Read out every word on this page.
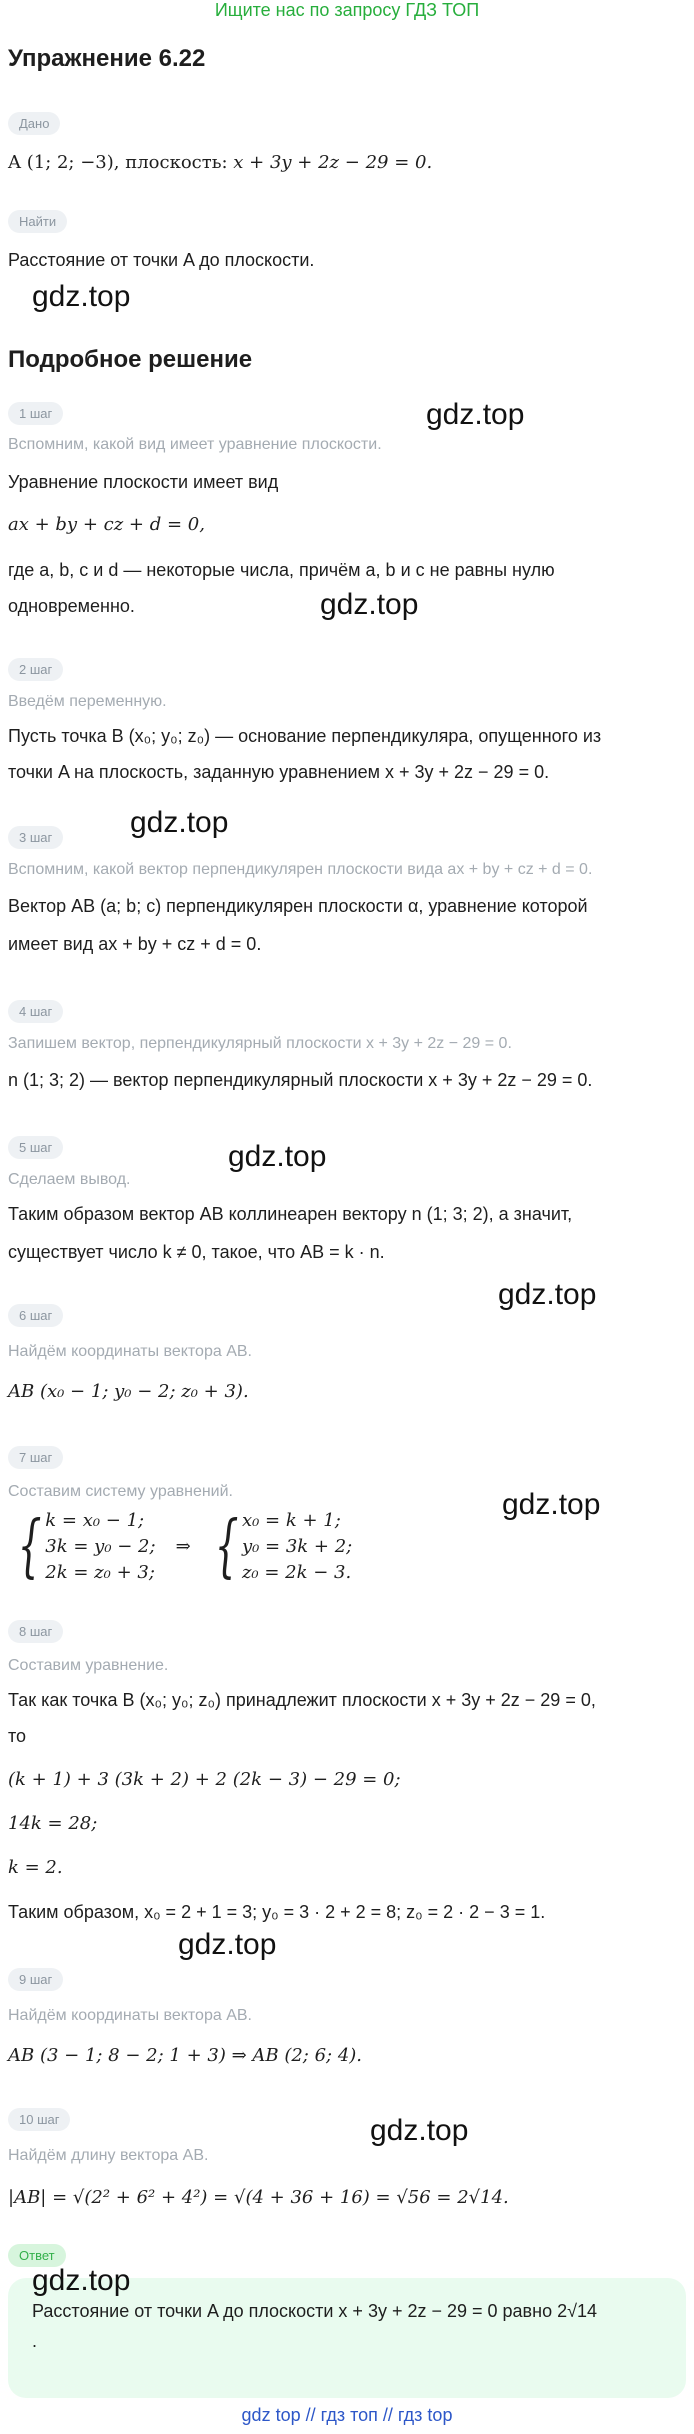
Ищите нас по запросу ГДЗ ТОП
Упражнение 6.22
Дано
A (1; 2; −3), плоскость: x + 3y + 2z − 29 = 0.
Найти
Расстояние от точки A до плоскости.
gdz.top
Подробное решение
gdz.top
1 шаг
Вспомним, какой вид имеет уравнение плоскости.
Уравнение плоскости имеет вид
ax + by + cz + d = 0,
где a, b, c и d — некоторые числа, причём a, b и c не равны нулю
одновременно.	gdz.top
2 шаг
Введём переменную.
Пусть точка B (x₀; y₀; z₀) — основание перпендикуляра, опущенного из
точки A на плоскость, заданную уравнением x + 3y + 2z − 29 = 0.
gdz.top
3 шаг
Вспомним, какой вектор перпендикулярен плоскости вида ax + by + cz + d = 0.
Вектор AB (a; b; c) перпендикулярен плоскости α, уравнение которой
имеет вид ax + by + cz + d = 0.
4 шаг
Запишем вектор, перпендикулярный плоскости x + 3y + 2z − 29 = 0.
n (1; 3; 2) — вектор перпендикулярный плоскости x + 3y + 2z − 29 = 0.
5 шаг	gdz.top
Сделаем вывод.
Таким образом вектор AB коллинеарен вектору n (1; 3; 2), а значит,
существует число k ≠ 0, такое, что AB = k · n.
gdz.top
6 шаг
Найдём координаты вектора AB.
AB (x₀ − 1; y₀ − 2; z₀ + 3).
7 шаг
gdz.top
Составим систему уравнений.
{ k = x₀ − 1;
3k = y₀ − 2;
2k = z₀ + 3;
⇒ { x₀ = k + 1;
y₀ = 3k + 2;
z₀ = 2k − 3.
8 шаг
Составим уравнение.
Так как точка B (x₀; y₀; z₀) принадлежит плоскости x + 3y + 2z − 29 = 0,
то
(k + 1) + 3 (3k + 2) + 2 (2k − 3) − 29 = 0;
14k = 28;
k = 2.
Таким образом, x₀ = 2 + 1 = 3; y₀ = 3 · 2 + 2 = 8; z₀ = 2 · 2 − 3 = 1.
gdz.top
9 шаг
Найдём координаты вектора AB.
AB (3 − 1; 8 − 2; 1 + 3) ⇒ AB (2; 6; 4).
10 шаг	gdz.top
Найдём длину вектора AB.
|AB| = √(2² + 6² + 4²) = √(4 + 36 + 16) = √56 = 2√14.
Ответ
gdz.top
Расстояние от точки A до плоскости x + 3y + 2z − 29 = 0 равно 2√14
.
gdz top // гдз топ // гдз top
